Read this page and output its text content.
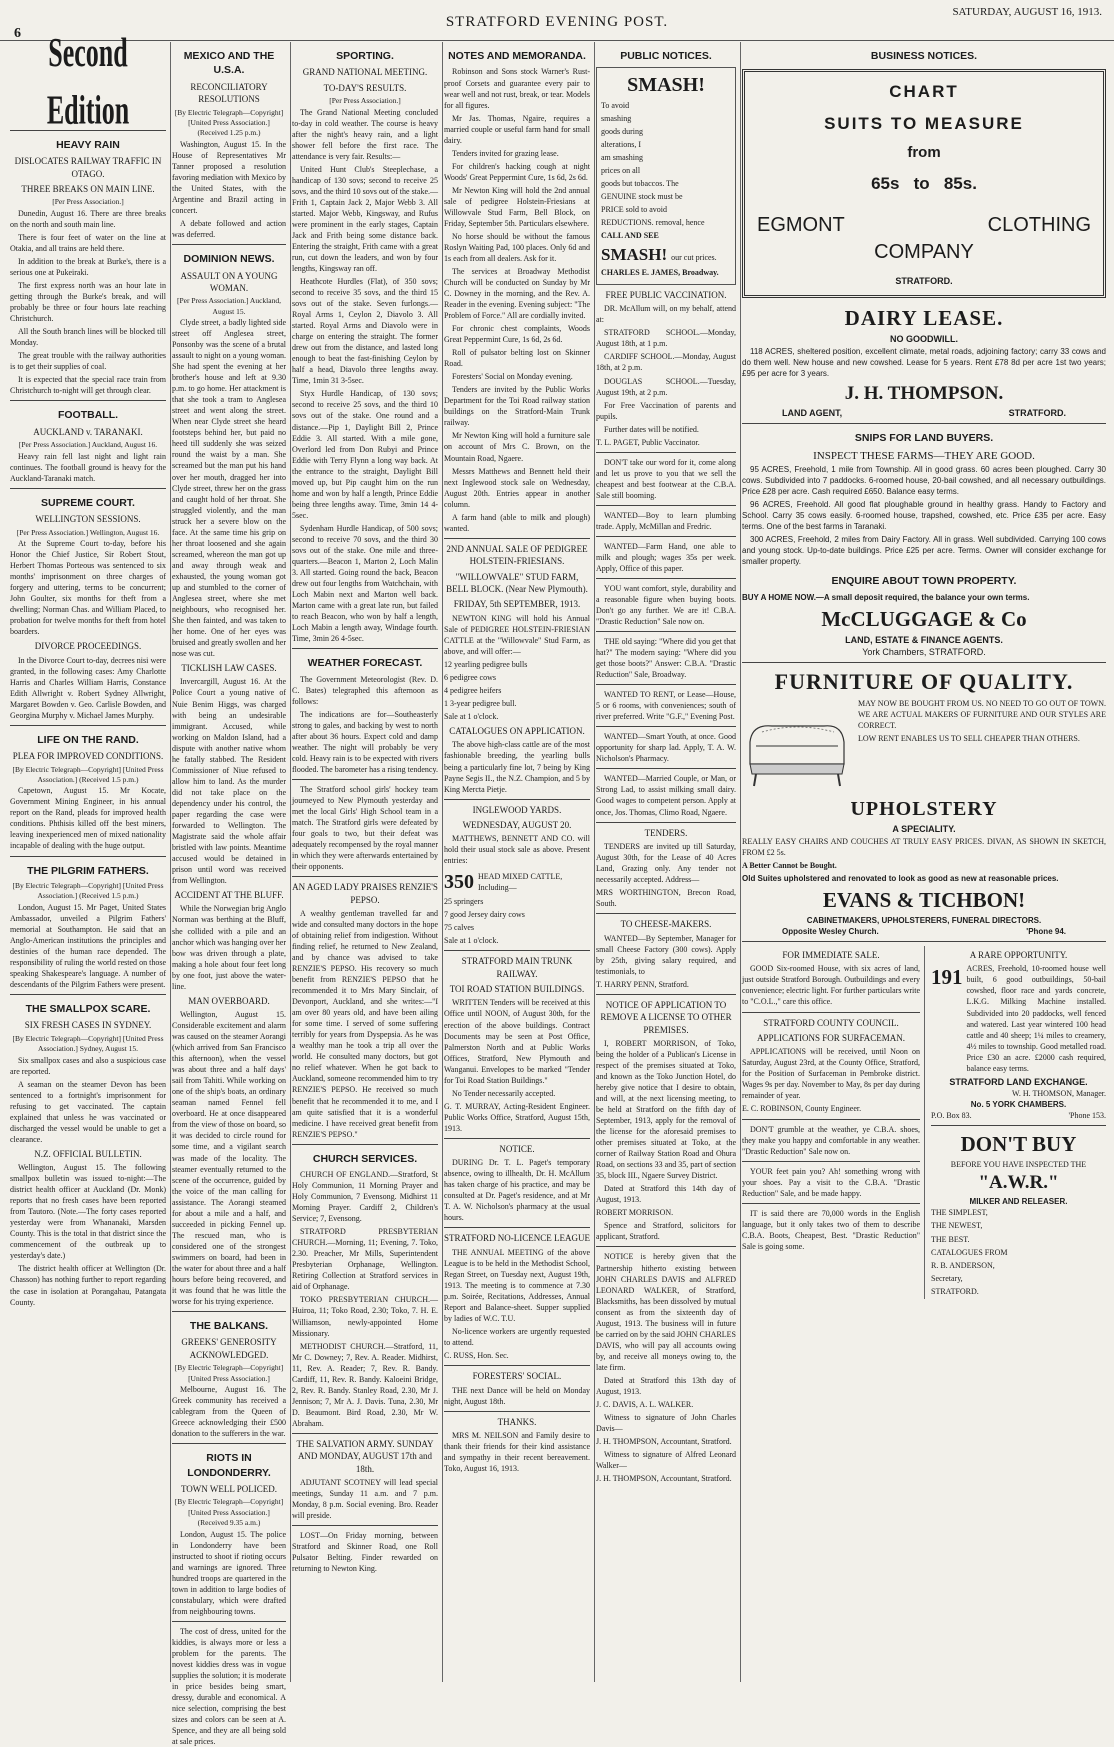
6
STRATFORD EVENING POST.
SATURDAY, AUGUST 16, 1913.
Second Edition
HEAVY RAIN
DISLOCATES RAILWAY TRAFFIC IN OTAGO.
THREE BREAKS ON MAIN LINE.
[Per Press Association.]

Dunedin, August 16. There are three breaks on the north and south main line.

There is four feet of water on the line at Otakia, and all trains are held there.

In addition to the break at Burke's, there is a serious one at Pukeiraki.

The first express north was an hour late in getting through the Burke's break, and will probably be three or four hours late reaching Christchurch.

All the South branch lines will be blocked till Monday.

The great trouble with the railway authorities is to get their supplies of coal.

It is expected that the special race train from Christchurch to-night will get through clear.

FOOTBALL.
AUCKLAND v. TARANAKI.
[Per Press Association.] Auckland, August 16.

Heavy rain fell last night and light rain continues. The football ground is heavy for the Auckland-Taranaki match.

SUPREME COURT.
WELLINGTON SESSIONS.
[Per Press Association.] Wellington, August 16.

At the Supreme Court to-day, before his Honor the Chief Justice, Sir Robert Stout, Herbert Thomas Porteous was sentenced to six months' imprisonment on three charges of forgery and uttering, terms to be concurrent; John Goulter, six months for theft from a dwelling; Norman Chas. and William Placed, to probation for twelve months for theft from hotel boarders.

DIVORCE PROCEEDINGS.

In the Divorce Court to-day, decrees nisi were granted, in the following cases: Amy Charlotte Harris and Charles William Harris, Constance Edith Allwright v. Robert Sydney Allwright, Margaret Bowden v. Geo. Carlisle Bowden, and Georgina Murphy v. Michael James Murphy.

LIFE ON THE RAND.
PLEA FOR IMPROVED CONDITIONS.
[By Electric Telegraph—Copyright] [United Press Association.] (Received 1.5 p.m.)

Capetown, August 15. Mr Kocate, Government Mining Engineer, in his annual report on the Rand, pleads for improved health conditions. Phthisis killed off the best miners, leaving inexperienced men of mixed nationality incapable of dealing with the huge output.

THE PILGRIM FATHERS.
[By Electric Telegraph—Copyright] [United Press Association.] (Received 1.5 p.m.)

London, August 15. Mr Paget, United States Ambassador, unveiled a Pilgrim Fathers' memorial at Southampton. He said that an Anglo-American institutions the principles and destinies of the human race depended. The responsibility of ruling the world rested on those speaking Shakespeare's language. A number of descendants of the Pilgrim Fathers were present.

THE SMALLPOX SCARE.
SIX FRESH CASES IN SYDNEY.
[By Electric Telegraph—Copyright] [United Press Association.] Sydney, August 15.

Six smallpox cases and also a suspicious case are reported.

A seaman on the steamer Devon has been sentenced to a fortnight's imprisonment for refusing to get vaccinated. The captain explained that unless he was vaccinated or discharged the vessel would be unable to get a clearance.

N.Z. OFFICIAL BULLETIN.

Wellington, August 15. The following smallpox bulletin was issued to-night:—The district health officer at Auckland (Dr. Monk) reports that no fresh cases have been reported from Tautoro. (Note.—The forty cases reported yesterday were from Whananaki, Marsden County. This is the total in that district since the commencement of the outbreak up to yesterday's date.)

The district health officer at Wellington (Dr. Chasson) has nothing further to report regarding the case in isolation at Porangahau, Patangata County.

MEXICO AND THE U.S.A.
RECONCILIATORY RESOLUTIONS
[By Electric Telegraph—Copyright] [United Press Association.] (Received 1.25 p.m.)

Washington, August 15. In the House of Representatives Mr Tanner proposed a resolution favoring mediation with Mexico by the United States, with the Argentine and Brazil acting in concert.

A debate followed and action was deferred.

DOMINION NEWS.
ASSAULT ON A YOUNG WOMAN.
[Per Press Association.] Auckland, August 15.

Clyde street, a badly lighted side street off Anglesea street, Ponsonby was the scene of a brutal assault to night on a young woman. She had spent the evening at her brother's house and left at 9.30 p.m. to go home. Her attackment is that she took a tram to Anglesea street and went along the street. When near Clyde street she heard footsteps behind her, but paid no heed till suddenly she was seized round the waist by a man. She screamed but the man put his hand over her mouth, dragged her into Clyde street, threw her on the grass and caught hold of her throat. She struggled violently, and the man struck her a severe blow on the face. At the same time his grip on her throat loosened and she again screamed, whereon the man got up and away through weak and exhausted, the young woman got up and stumbled to the corner of Anglesea street, where she met neighbours, who recognised her. She then fainted, and was taken to her home. One of her eyes was bruised and greatly swollen and her nose was cut.

TICKLISH LAW CASES.

Invercargill, August 16. At the Police Court a young native of Nuie Benim Higgs, was charged with being an undesirable immigrant. Accused, while working on Maldon Island, had a dispute with another native whom he fatally stabbed. The Resident Commissioner of Niue refused to allow him to land. As the murder did not take place on the dependency under his control, the paper regarding the case were forwarded to Wellington. The Magistrate said the whole affair bristled with law points. Meantime accused would be detained in prison until word was received from Wellington.

ACCIDENT AT THE BLUFF.

While the Norwegian brig Anglo Norman was berthing at the Bluff, she collided with a pile and an anchor which was hanging over her bow was driven through a plate, making a hole about four feet long by one foot, just above the water-line.

MAN OVERBOARD.

Wellington, August 15. Considerable excitement and alarm was caused on the steamer Aorangi (which arrived from San Francisco this afternoon), when the vessel was about three and a half days' sail from Tahiti. While working on one of the ship's boats, an ordinary seaman named Fennel fell overboard. He at once disappeared from the view of those on board, so it was decided to circle round for some time, and a vigilant search was made of the locality. The steamer eventually returned to the scene of the occurrence, guided by the voice of the man calling for assistance. The Aorangi steamed for about a mile and a half, and succeeded in picking Fennel up. The rescued man, who is considered one of the strongest swimmers on board, had been in the water for about three and a half hours before being recovered, and it was found that he was little the worse for his trying experience.

THE BALKANS.
GREEKS' GENEROSITY ACKNOWLEDGED.
[By Electric Telegraph—Copyright] [United Press Association.]

Melbourne, August 16. The Greek community has received a cablegram from the Queen of Greece acknowledging their £500 donation to the sufferers in the war.

RIOTS IN LONDONDERRY.
TOWN WELL POLICED.
[By Electric Telegraph—Copyright] [United Press Association.] (Received 9.35 a.m.)

London, August 15. The police in Londonderry have been instructed to shoot if rioting occurs and warnings are ignored. Three hundred troops are quartered in the town in addition to large bodies of constabulary, which were drafted from neighbouring towns.

The cost of dress, united for the kiddies, is always more or less a problem for the parents. The novest kiddies dress was in vogue supplies the solution; it is moderate in price besides being smart, dressy, durable and economical. A nice selection, comprising the best sizes and colors can be seen at A. Spence, and they are all being sold at sale prices.

SPORTING.
GRAND NATIONAL MEETING.
TO-DAY'S RESULTS.
[Per Press Association.]

The Grand National Meeting concluded to-day in cold weather. The course is heavy after the night's heavy rain, and a light shower fell before the first race. The attendance is very fair. Results:—

United Hunt Club's Steeplechase, a handicap of 130 sovs; second to receive 25 sovs, and the third 10 sovs out of the stake.—Frith 1, Captain Jack 2, Major Webb 3. All started. Major Webb, Kingsway, and Rufus were prominent in the early stages, Captain Jack and Frith being some distance back. Entering the straight, Frith came with a great run, cut down the leaders, and won by four lengths, Kingsway ran off.

Heathcote Hurdles (Flat), of 350 sovs; second to receive 35 sovs, and the third 15 sovs out of the stake. Seven furlongs.—Royal Arms 1, Ceylon 2, Diavolo 3. All started. Royal Arms and Diavolo were in charge on entering the straight. The former drew out from the distance, and lasted long enough to beat the fast-finishing Ceylon by half a head, Diavolo three lengths away. Time, 1min 31 3-5sec.

Styx Hurdle Handicap, of 130 sovs; second to receive 25 sovs, and the third 10 sovs out of the stake. One round and a distance.—Pip 1, Daylight Bill 2, Prince Eddie 3. All started. With a mile gone, Overlord led from Don Rubyi and Prince Eddie with Terry Flynn a long way back. At the entrance to the straight, Daylight Bill moved up, but Pip caught him on the run home and won by half a length, Prince Eddie being three lengths away. Time, 3min 14 4-5sec.

Sydenham Hurdle Handicap, of 500 sovs; second to receive 70 sovs, and the third 30 sovs out of the stake. One mile and three-quarters.—Beacon 1, Marton 2, Loch Malin 3. All started. Going round the back, Beacon drew out four lengths from Watchchain, with Loch Mabin next and Marton well back. Marton came with a great late run, but failed to reach Beacon, who won by half a length, Loch Mabin a length away, Windage fourth. Time, 3min 26 4-5sec.

WEATHER FORECAST.

The Government Meteorologist (Rev. D. C. Bates) telegraphed this afternoon as follows:

The indications are for—Southeasterly strong to gales, and backing by west to north after about 36 hours. Expect cold and damp weather. The night will probably be very cold. Heavy rain is to be expected with rivers flooded. The barometer has a rising tendency.

The Stratford school girls' hockey team journeyed to New Plymouth yesterday and met the local Girls' High School team in a match. The Stratford girls were defeated by four goals to two, but their defeat was adequately recompensed by the royal manner in which they were afterwards entertained by their opponents.

AN AGED LADY PRAISES RENZIE'S PEPSO.

A wealthy gentleman travelled far and wide and consulted many doctors in the hope of obtaining relief from indigestion. Without finding relief, he returned to New Zealand, and by chance was advised to take RENZIE'S PEPSO. His recovery so much benefit from RENZIE'S PEPSO that he recommended it to Mrs Mary Sinclair, of Devonport, Auckland, and she writes:—"I am over 80 years old, and have been ailing for some time. I served of some suffering terribly for years from Dyspepsia. As he was a wealthy man he took a trip all over the world. He consulted many doctors, but got no relief whatever. When he got back to Auckland, someone recommended him to try RENZIE'S PEPSO. He received so much benefit that he recommended it to me, and I am quite satisfied that it is a wonderful medicine. I have received great benefit from RENZIE'S PEPSO."

CHURCH SERVICES.

CHURCH OF ENGLAND.—Stratford, St Holy Communion, 11 Morning Prayer and Holy Communion, 7 Evensong. Midhirst 11 Morning Prayer. Cardiff 2, Children's Service; 7, Evensong.

STRATFORD PRESBYTERIAN CHURCH.—Morning, 11; Evening, 7. Toko, 2.30. Preacher, Mr Mills, Superintendent Presbyterian Orphanage, Wellington. Retiring Collection at Stratford services in aid of Orphanage.

TOKO PRESBYTERIAN CHURCH.—Huiroa, 11; Toko Road, 2.30; Toko, 7. H. E. Williamson, newly-appointed Home Missionary.

METHODIST CHURCH.—Stratford, 11, Mr C. Downey; 7, Rev. A. Reader. Midhirst, 11, Rev. A. Reader; 7, Rev. R. Bandy. Cardiff, 11, Rev. R. Bandy. Kaloeini Bridge, 2, Rev. R. Bandy. Stanley Road, 2.30, Mr J. Jennison; 7, Mr A. J. Davis. Tuna, 2.30, Mr D. Beaumont. Bird Road, 2.30, Mr W. Abraham.

THE SALVATION ARMY. SUNDAY AND MONDAY, AUGUST 17th and 18th.

ADJUTANT SCOTNEY will lead special meetings, Sunday 11 a.m. and 7 p.m. Monday, 8 p.m. Social evening. Bro. Reader will preside.

LOST—On Friday morning, between Stratford and Skinner Road, one Roll Pulsator Belting. Finder rewarded on returning to Newton King.

NOTES AND MEMORANDA.

Robinson and Sons stock Warner's Rust-proof Corsets and guarantee every pair to wear well and not rust, break, or tear. Models for all figures.

Mr Jas. Thomas, Ngaire, requires a married couple or useful farm hand for small dairy.

Tenders invited for grazing lease.

For children's hacking cough at night Woods' Great Peppermint Cure, 1s 6d, 2s 6d.

Mr Newton King will hold the 2nd annual sale of pedigree Holstein-Friesians at Willowvale Stud Farm, Bell Block, on Friday, September 5th. Particulars elsewhere.

No horse should be without the famous Roslyn Waiting Pad, 100 places. Only 6d and 1s each from all dealers. Ask for it.

The services at Broadway Methodist Church will be conducted on Sunday by Mr C. Downey in the morning, and the Rev. A. Reader in the evening. Evening subject: "The Problem of Force." All are cordially invited.

For chronic chest complaints, Woods Great Peppermint Cure, 1s 6d, 2s 6d.

Roll of pulsator belting lost on Skinner Road.

Foresters' Social on Monday evening.

Tenders are invited by the Public Works Department for the Toi Road railway station buildings on the Stratford-Main Trunk railway.

Mr Newton King will hold a furniture sale on account of Mrs C. Brown, on the Mountain Road, Ngaere.

Messrs Matthews and Bennett held their next Inglewood stock sale on Wednesday, August 20th. Entries appear in another column.

A farm hand (able to milk and plough) wanted.

2ND ANNUAL SALE OF PEDIGREE HOLSTEIN-FRIESIANS.
"WILLOWVALE" STUD FARM, BELL BLOCK. (Near New Plymouth).
FRIDAY, 5th SEPTEMBER, 1913.

NEWTON KING will hold his Annual Sale of PEDIGREE HOLSTEIN-FRIESIAN CATTLE at the "Willowvale" Stud Farm, as above, and will offer:—

12 yearling pedigree bulls

6 pedigree cows

4 pedigree heifers

1 3-year pedigree bull.

Sale at 1 o'clock.

CATALOGUES ON APPLICATION.

The above high-class cattle are of the most fashionable breeding, the yearling bulls being a particularly fine lot, 7 being by King Payne Segis II., the N.Z. Champion, and 5 by King Mercta Pietje.

INGLEWOOD YARDS.
WEDNESDAY, AUGUST 20.

MATTHEWS, BENNETT AND CO. will hold their usual stock sale as above. Present entries:

350 HEAD MIXED CATTLE, Including—

25 springers

7 good Jersey dairy cows

75 calves

Sale at 1 o'clock.

STRATFORD MAIN TRUNK RAILWAY.
TOI ROAD STATION BUILDINGS.

WRITTEN Tenders will be received at this Office until NOON, of August 30th, for the erection of the above buildings. Contract Documents may be seen at Post Office, Palmerston North and at Public Works Offices, Stratford, New Plymouth and Wanganui. Envelopes to be marked "Tender for Toi Road Station Buildings."

No Tender necessarily accepted.

G. T. MURRAY, Acting-Resident Engineer. Public Works Office, Stratford, August 15th, 1913.

NOTICE.

DURING Dr. T. L. Paget's temporary absence, owing to illhealth, Dr. H. McAllum has taken charge of his practice, and may be consulted at Dr. Paget's residence, and at Mr T. A. W. Nicholson's pharmacy at the usual hours.

STRATFORD NO-LICENCE LEAGUE

THE ANNUAL MEETING of the above League is to be held in the Methodist School, Regan Street, on Tuesday next, August 19th, 1913. The meeting is to commence at 7.30 p.m. Soirée, Recitations, Addresses, Annual Report and Balance-sheet. Supper supplied by ladies of W.C. T.U.

No-licence workers are urgently requested to attend.

C. RUSS, Hon. Sec.

FORESTERS' SOCIAL.

THE next Dance will be held on Monday night, August 18th.

THANKS.

MRS M. NEILSON and Family desire to thank their friends for their kind assistance and sympathy in their recent bereavement. Toko, August 16, 1913.

PUBLIC NOTICES.
SMASH!

To avoid

smashing

goods during

alterations, I

am smashing

prices on all

goods but tobaccos. The

GENUINE stock must be

PRICE sold to avoid

REDUCTIONS. removal, hence

CALL AND SEE

SMASH! our cut prices.

CHARLES E. JAMES, Broadway.

FREE PUBLIC VACCINATION.

DR. McAllum will, on my behalf, attend at:

STRATFORD SCHOOL.—Monday, August 18th, at 1 p.m.

CARDIFF SCHOOL.—Monday, August 18th, at 2 p.m.

DOUGLAS SCHOOL.—Tuesday, August 19th, at 2 p.m.

For Free Vaccination of parents and pupils.

Further dates will be notified.

T. L. PAGET, Public Vaccinator.

DON'T take our word for it, come along and let us prove to you that we sell the cheapest and best footwear at the C.B.A. Sale still booming.

WANTED—Boy to learn plumbing trade. Apply, McMillan and Fredric.

WANTED—Farm Hand, one able to milk and plough; wages 35s per week. Apply, Office of this paper.

YOU want comfort, style, durability and a reasonable figure when buying boots. Don't go any further. We are it! C.B.A. "Drastic Reduction" Sale now on.

THE old saying: "Where did you get that hat?" The modern saying: "Where did you get those boots?" Answer: C.B.A. "Drastic Reduction" Sale, Broadway.

WANTED TO RENT, or Lease—House, 5 or 6 rooms, with conveniences; south of river preferred. Write "G.F.," Evening Post.

WANTED—Smart Youth, at once. Good opportunity for sharp lad. Apply, T. A. W. Nicholson's Pharmacy.

WANTED—Married Couple, or Man, or Strong Lad, to assist milking small dairy. Good wages to competent person. Apply at once, Jos. Thomas, Climo Road, Ngaere.

TENDERS.

TENDERS are invited up till Saturday, August 30th, for the Lease of 40 Acres Land, Grazing only. Any tender not necessarily accepted. Address—

MRS WORTHINGTON, Brecon Road, South.

TO CHEESE-MAKERS.

WANTED—By September, Manager for small Cheese Factory (300 cows). Apply by 25th, giving salary required, and testimonials, to

T. HARRY PENN, Stratford.

NOTICE OF APPLICATION TO REMOVE A LICENSE TO OTHER PREMISES.

I, ROBERT MORRISON, of Toko, being the holder of a Publican's License in respect of the premises situated at Toko, and known as the Toko Junction Hotel, do hereby give notice that I desire to obtain, and will, at the next licensing meeting, to be held at Stratford on the fifth day of September, 1913, apply for the removal of the license for the aforesaid premises to other premises situated at Toko, at the corner of Railway Station Road and Ohura Road, on sections 33 and 35, part of section 35, block III., Ngaere Survey District.

Dated at Stratford this 14th day of August, 1913.

ROBERT MORRISON.

Spence and Stratford, solicitors for applicant, Stratford.

NOTICE is hereby given that the Partnership hitherto existing between JOHN CHARLES DAVIS and ALFRED LEONARD WALKER, of Stratford, Blacksmiths, has been dissolved by mutual consent as from the sixteenth day of August, 1913. The business will in future be carried on by the said JOHN CHARLES DAVIS, who will pay all accounts owing by, and receive all moneys owing to, the late firm.

Dated at Stratford this 13th day of August, 1913.

J. C. DAVIS, A. L. WALKER.

Witness to signature of John Charles Davis—

J. H. THOMPSON, Accountant, Stratford.

Witness to signature of Alfred Leonard Walker—

J. H. THOMPSON, Accountant, Stratford.

BUSINESS NOTICES.
CHART
SUITS TO MEASURE
from
65s to 85s.
EGMONT	CLOTHING
COMPANY
STRATFORD.
DAIRY LEASE.
NO GOODWILL.

118 ACRES, sheltered position, excellent climate, metal roads, adjoining factory; carry 33 cows and do them well. New house and new cowshed. Lease for 5 years. Rent £78 8d per acre 1st two years; £95 per acre for 3 years.

J. H. THOMPSON.
LAND AGENT,	STRATFORD.
SNIPS FOR LAND BUYERS.
INSPECT THESE FARMS—THEY ARE GOOD.

95 ACRES, Freehold, 1 mile from Township. All in good grass. 60 acres been ploughed. Carry 30 cows. Subdivided into 7 paddocks. 6-roomed house, 20-bail cowshed, and all necessary outbuildings. Price £28 per acre. Cash required £650. Balance easy terms.

96 ACRES, Freehold. All good flat ploughable ground in healthy grass. Handy to Factory and School. Carry 35 cows easily. 6-roomed house, trapshed, cowshed, etc. Price £35 per acre. Easy terms. One of the best farms in Taranaki.

300 ACRES, Freehold, 2 miles from Dairy Factory. All in grass. Well subdivided. Carrying 100 cows and young stock. Up-to-date buildings. Price £25 per acre. Terms. Owner will consider exchange for smaller property.

ENQUIRE ABOUT TOWN PROPERTY.

BUY A HOME NOW.—A small deposit required, the balance your own terms.

McCLUGGAGE & Co
LAND, ESTATE & FINANCE AGENTS.
York Chambers, STRATFORD.
FURNITURE OF QUALITY.

MAY NOW BE BOUGHT FROM US. NO NEED TO GO OUT OF TOWN. WE ARE ACTUAL MAKERS OF FURNITURE AND OUR STYLES ARE CORRECT.

LOW RENT ENABLES US TO SELL CHEAPER THAN OTHERS.

UPHOLSTERY
A SPECIALITY.

REALLY EASY CHAIRS AND COUCHES AT TRULY EASY PRICES. DIVAN, AS SHOWN IN SKETCH, FROM £2 5s.

A Better Cannot be Bought.

Old Suites upholstered and renovated to look as good as new at reasonable prices.

EVANS & TICHBON!
CABINETMAKERS, UPHOLSTERERS, FUNERAL DIRECTORS.
Opposite Wesley Church.	'Phone 94.
FOR IMMEDIATE SALE.

GOOD Six-roomed House, with six acres of land, just outside Stratford Borough. Outbuildings and every convenience; electric light. For further particulars write to "C.O.L.," care this office.

STRATFORD COUNTY COUNCIL.
APPLICATIONS FOR SURFACEMAN.

APPLICATIONS will be received, until Noon on Saturday, August 23rd, at the County Office, Stratford, for the Position of Surfaceman in Pembroke district. Wages 9s per day. November to May, 8s per day during remainder of year.

E. C. ROBINSON, County Engineer.

DON'T grumble at the weather, ye C.B.A. shoes, they make you happy and comfortable in any weather. "Drastic Reduction" Sale now on.

YOUR feet pain you? Ah! something wrong with your shoes. Pay a visit to the C.B.A. "Drastic Reduction" Sale, and be made happy.

IT is said there are 70,000 words in the English language, but it only takes two of them to describe C.B.A. Boots, Cheapest, Best. "Drastic Reduction" Sale is going some.

A RARE OPPORTUNITY.
191 ACRES, Freehold, 10-roomed house well built, 6 good outbuildings, 50-bail cowshed, floor race and yards concrete, L.K.G. Milking Machine installed. Subdivided into 20 paddocks, well fenced and watered. Last year wintered 100 head cattle and 40 sheep; 1¼ miles to creamery, 4½ miles to township. Good metalled road. Price £30 an acre. £2000 cash required, balance easy terms.

STRATFORD LAND EXCHANGE.
W. H. THOMSON, Manager.
No. 5 YORK CHAMBERS.
P.O. Box 83.	'Phone 153.
DON'T BUY
BEFORE YOU HAVE INSPECTED THE
"A.W.R."
MILKER AND RELEASER.

THE SIMPLEST,

THE NEWEST,

THE BEST.

CATALOGUES FROM

R. B. ANDERSON,

Secretary,

STRATFORD.
